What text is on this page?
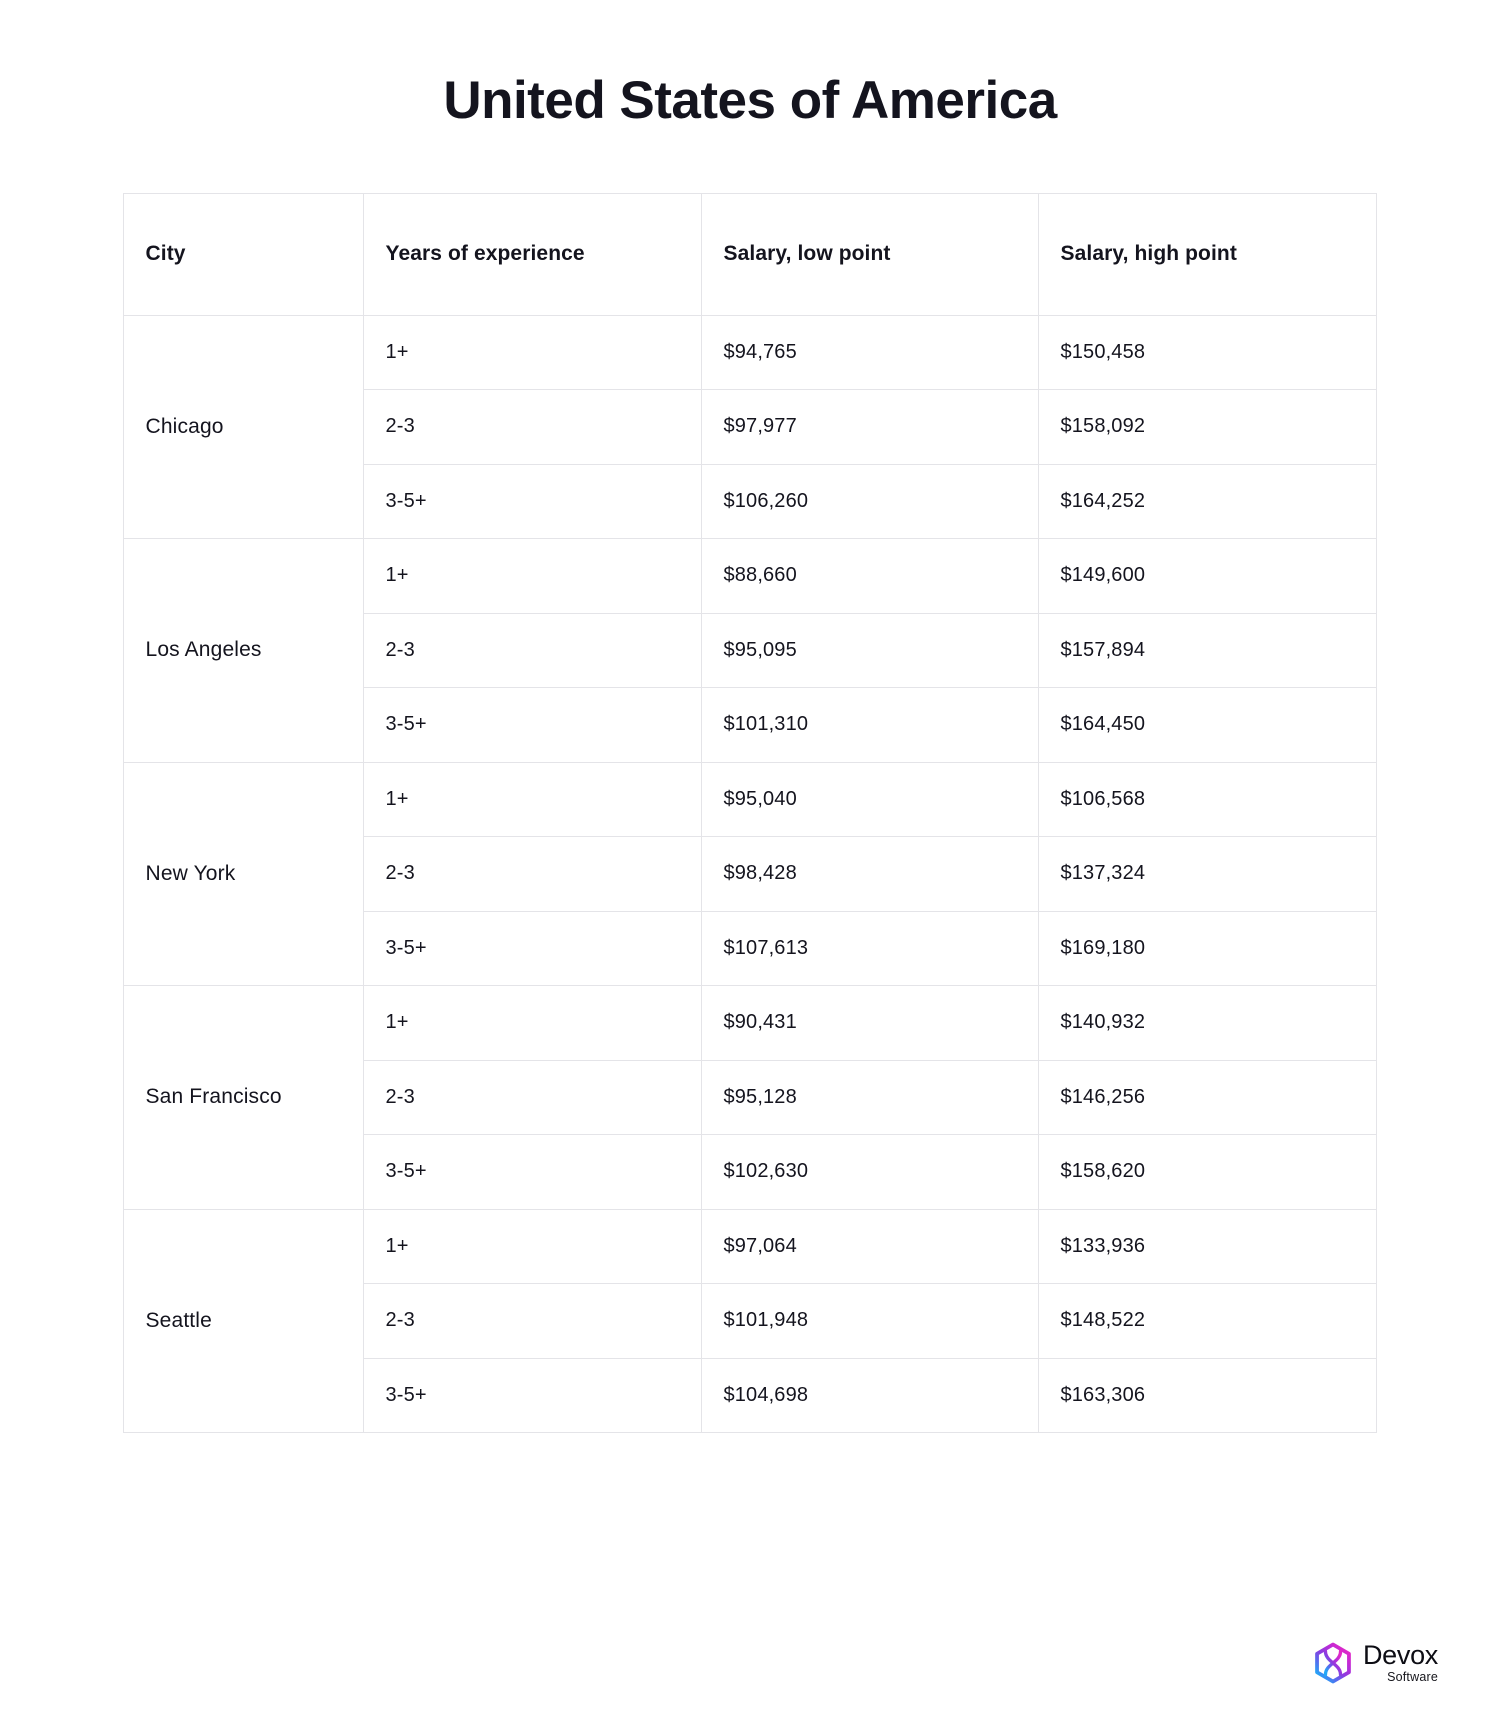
United States of America
City	Years of experience	Salary, low point	Salary, high point
Chicago	1+	$94,765	$150,458
	2-3	$97,977	$158,092
	3-5+	$106,260	$164,252
Los Angeles	1+	$88,660	$149,600
	2-3	$95,095	$157,894
	3-5+	$101,310	$164,450
New York	1+	$95,040	$106,568
	2-3	$98,428	$137,324
	3-5+	$107,613	$169,180
San Francisco	1+	$90,431	$140,932
	2-3	$95,128	$146,256
	3-5+	$102,630	$158,620
Seattle	1+	$97,064	$133,936
	2-3	$101,948	$148,522
	3-5+	$104,698	$163,306
Devox
Software
